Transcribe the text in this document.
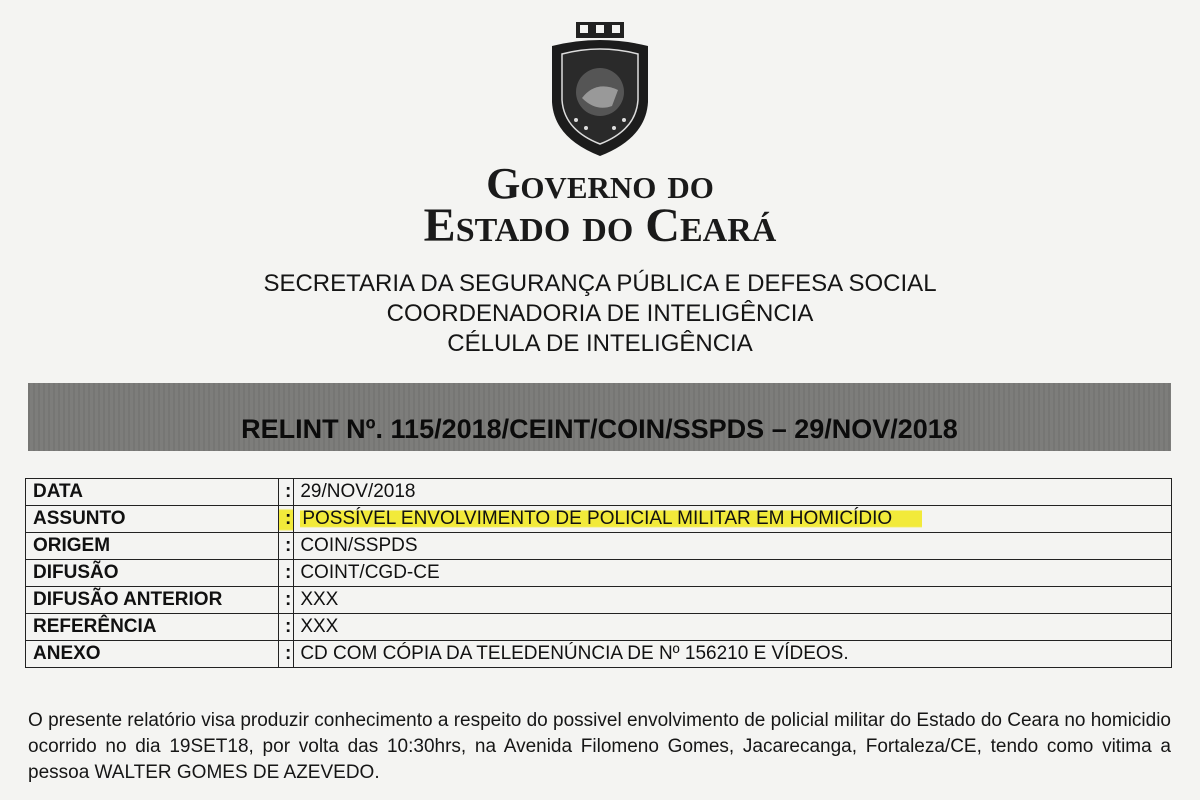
Governo do
Estado do Ceará
SECRETARIA DA SEGURANÇA PÚBLICA E DEFESA SOCIAL
COORDENADORIA DE INTELIGÊNCIA
CÉLULA DE INTELIGÊNCIA
RELINT Nº. 115/2018/CEINT/COIN/SSPDS – 29/NOV/2018
DATA	:	29/NOV/2018
ASSUNTO	:	POSSÍVEL ENVOLVIMENTO DE POLICIAL MILITAR EM HOMICÍDIO
ORIGEM	:	COIN/SSPDS
DIFUSÃO	:	COINT/CGD-CE
DIFUSÃO ANTERIOR	:	XXX
REFERÊNCIA	:	XXX
ANEXO	:	CD COM CÓPIA DA TELEDENÚNCIA DE Nº 156210 E VÍDEOS.
O presente relatório visa produzir conhecimento a respeito do possivel envolvimento de policial militar do Estado do Ceara no homicidio ocorrido no dia 19SET18, por volta das 10:30hrs, na Avenida Filomeno Gomes, Jacarecanga, Fortaleza/CE, tendo como vitima a pessoa WALTER GOMES DE AZEVEDO.
